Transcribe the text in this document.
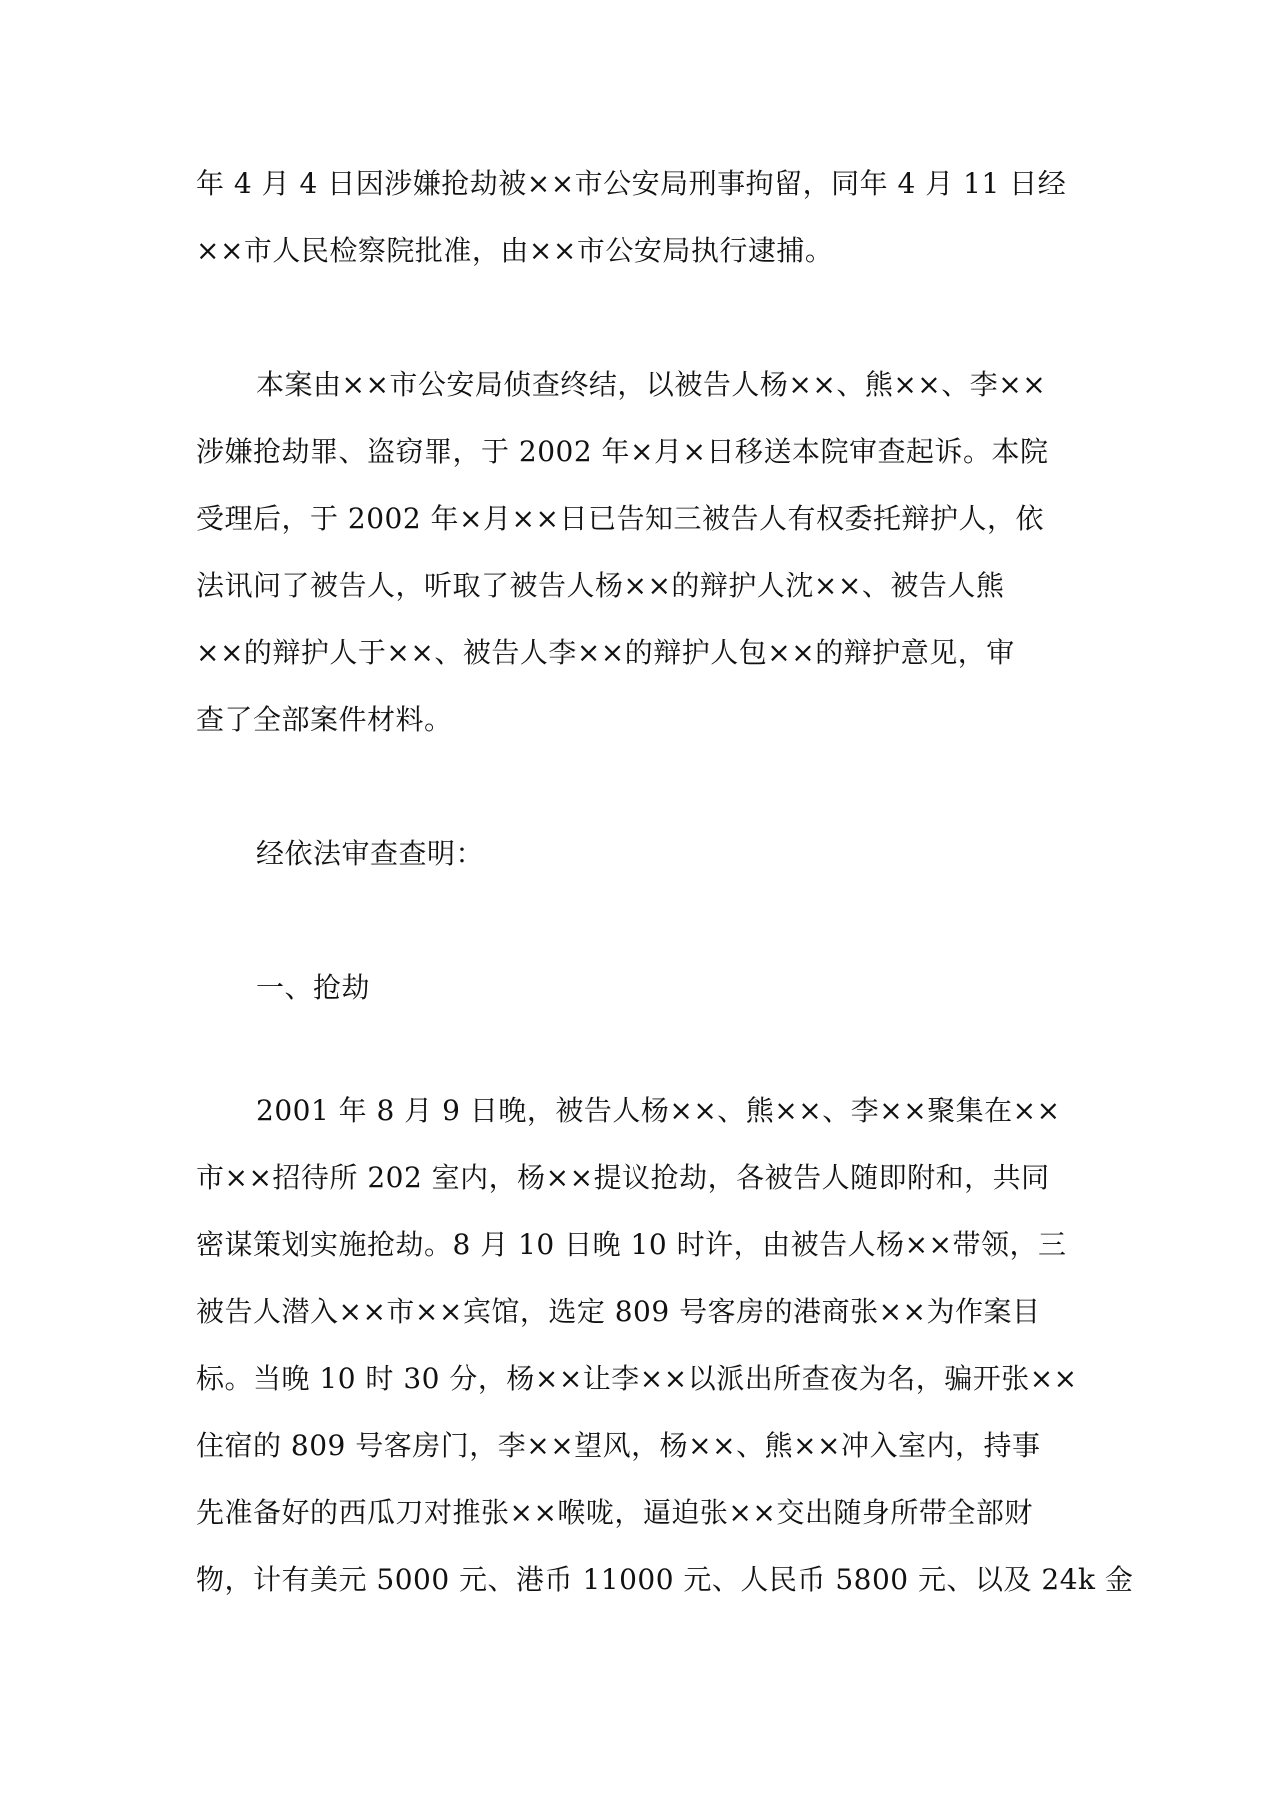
年 4 月 4 日因涉嫌抢劫被××市公安局刑事拘留，同年 4 月 11 日经
××市人民检察院批准，由××市公安局执行逮捕。
本案由××市公安局侦查终结，以被告人杨××、熊××、李××
涉嫌抢劫罪、盗窃罪，于 2002 年×月×日移送本院审查起诉。本院
受理后，于 2002 年×月××日已告知三被告人有权委托辩护人，依
法讯问了被告人，听取了被告人杨××的辩护人沈××、被告人熊
××的辩护人于××、被告人李××的辩护人包××的辩护意见，审
查了全部案件材料。
经依法审查查明：
一、抢劫
2001 年 8 月 9 日晚，被告人杨××、熊××、李××聚集在××
市××招待所 202 室内，杨××提议抢劫，各被告人随即附和，共同
密谋策划实施抢劫。8 月 10 日晚 10 时许，由被告人杨××带领，三
被告人潜入××市××宾馆，选定 809 号客房的港商张××为作案目
标。当晚 10 时 30 分，杨××让李××以派出所查夜为名，骗开张××
住宿的 809 号客房门，李××望风，杨××、熊××冲入室内，持事
先准备好的西瓜刀对推张××喉咙，逼迫张××交出随身所带全部财
物，计有美元 5000 元、港币 11000 元、人民币 5800 元、以及 24k 金
